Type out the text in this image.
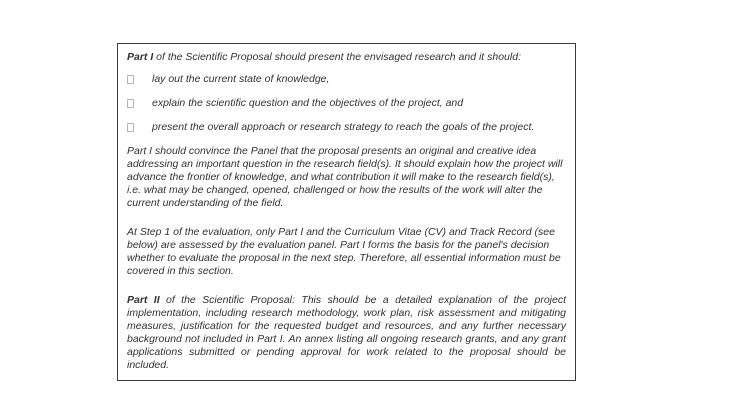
Part I of the Scientific Proposal should present the envisaged research and it should:

lay out the current state of knowledge,
explain the scientific question and the objectives of the project, and
present the overall approach or research strategy to reach the goals of the project.

Part I should convince the Panel that the proposal presents an original and creative idea addressing an important question in the research field(s). It should explain how the project will advance the frontier of knowledge, and what contribution it will make to the research field(s), i.e. what may be changed, opened, challenged or how the results of the work will alter the current understanding of the field.

At Step 1 of the evaluation, only Part I and the Curriculum Vitae (CV) and Track Record (see below) are assessed by the evaluation panel. Part I forms the basis for the panel's decision whether to evaluate the proposal in the next step. Therefore, all essential information must be covered in this section.

Part II of the Scientific Proposal: This should be a detailed explanation of the project implementation, including research methodology, work plan, risk assessment and mitigating measures, justification for the requested budget and resources, and any further necessary background not included in Part I. An annex listing all ongoing research grants, and any grant applications submitted or pending approval for work related to the proposal should be included.
